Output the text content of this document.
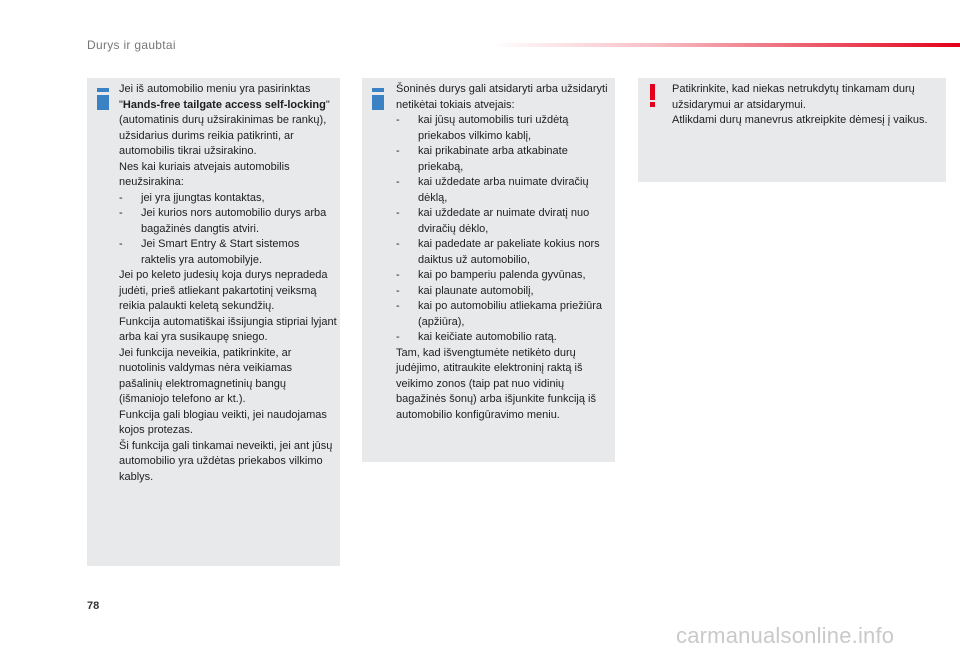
Durys ir gaubtai

Jei iš automobilio meniu yra pasirinktas "Hands-free tailgate access self-locking" (automatinis durų užsirakinimas be rankų), užsidarius durims reikia patikrinti, ar automobilis tikrai užsirakino.

Nes kai kuriais atvejais automobilis neužsirakina:

- jei yra įjungtas kontaktas,
- Jei kurios nors automobilio durys arba bagažinės dangtis atviri.
- Jei Smart Entry & Start sistemos raktelis yra automobilyje.

Jei po keleto judesių koja durys nepradeda judėti, prieš atliekant pakartotinį veiksmą reikia palaukti keletą sekundžių.

Funkcija automatiškai išsijungia stipriai lyjant arba kai yra susikaupę sniego.

Jei funkcija neveikia, patikrinkite, ar nuotolinis valdymas nėra veikiamas pašalinių elektromagnetinių bangų (išmaniojo telefono ar kt.).

Funkcija gali blogiau veikti, jei naudojamas kojos protezas.

Ši funkcija gali tinkamai neveikti, jei ant jūsų automobilio yra uždėtas priekabos vilkimo kablys.

Šoninės durys gali atsidaryti arba užsidaryti netikėtai tokiais atvejais:

- kai jūsų automobilis turi uždėtą priekabos vilkimo kablį,
- kai prikabinate arba atkabinate priekabą,
- kai uždedate arba nuimate dviračių dėklą,
- kai uždedate ar nuimate dviratį nuo dviračių dėklo,
- kai padedate ar pakeliate kokius nors daiktus už automobilio,
- kai po bamperiu palenda gyvūnas,
- kai plaunate automobilį,
- kai po automobiliu atliekama priežiūra (apžiūra),
- kai keičiate automobilio ratą.

Tam, kad išvengtumėte netikėto durų judėjimo, atitraukite elektroninį raktą iš veikimo zonos (taip pat nuo vidinių bagažinės šonų) arba išjunkite funkciją iš automobilio konfigūravimo meniu.

Patikrinkite, kad niekas netrukdytų tinkamam durų užsidarymui ar atsidarymui.

Atlikdami durų manevrus atkreipkite dėmesį į vaikus.

78
carmanualsonline.info
